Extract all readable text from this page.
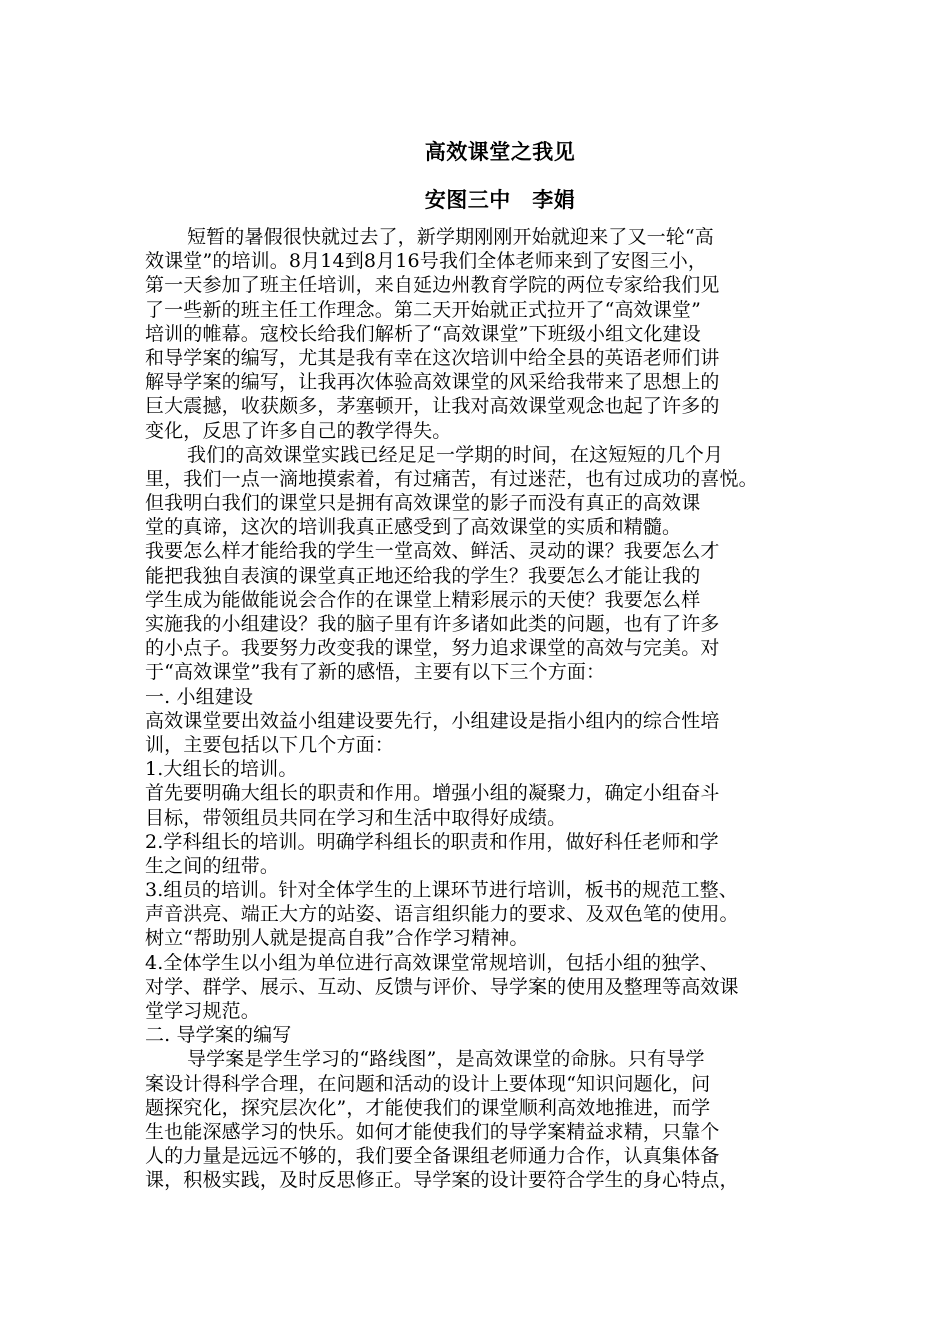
高效课堂之我见
安图三中　李娟
短暂的暑假很快就过去了，新学期刚刚开始就迎来了又一轮“高
效课堂”的培训。8月14到8月16号我们全体老师来到了安图三小，
第一天参加了班主任培训，来自延边州教育学院的两位专家给我们见
了一些新的班主任工作理念。第二天开始就正式拉开了“高效课堂”
培训的帷幕。寇校长给我们解析了“高效课堂”下班级小组文化建设
和导学案的编写，尤其是我有幸在这次培训中给全县的英语老师们讲
解导学案的编写，让我再次体验高效课堂的风采给我带来了思想上的
巨大震撼，收获颇多，茅塞顿开，让我对高效课堂观念也起了许多的
变化，反思了许多自己的教学得失。
我们的高效课堂实践已经足足一学期的时间，在这短短的几个月
里，我们一点一滴地摸索着，有过痛苦，有过迷茫，也有过成功的喜悦。
但我明白我们的课堂只是拥有高效课堂的影子而没有真正的高效课
堂的真谛，这次的培训我真正感受到了高效课堂的实质和精髓。
我要怎么样才能给我的学生一堂高效、鲜活、灵动的课？我要怎么才
能把我独自表演的课堂真正地还给我的学生？我要怎么才能让我的
学生成为能做能说会合作的在课堂上精彩展示的天使？我要怎么样
实施我的小组建设？我的脑子里有许多诸如此类的问题，也有了许多
的小点子。我要努力改变我的课堂，努力追求课堂的高效与完美。对
于“高效课堂”我有了新的感悟，主要有以下三个方面：
一. 小组建设
高效课堂要出效益小组建设要先行，小组建设是指小组内的综合性培
训，主要包括以下几个方面：
1.大组长的培训。
首先要明确大组长的职责和作用。增强小组的凝聚力，确定小组奋斗
目标，带领组员共同在学习和生活中取得好成绩。
2.学科组长的培训。明确学科组长的职责和作用，做好科任老师和学
生之间的纽带。
3.组员的培训。针对全体学生的上课环节进行培训，板书的规范工整、
声音洪亮、端正大方的站姿、语言组织能力的要求、及双色笔的使用。
树立“帮助别人就是提高自我”合作学习精神。
4.全体学生以小组为单位进行高效课堂常规培训，包括小组的独学、
对学、群学、展示、互动、反馈与评价、导学案的使用及整理等高效课
堂学习规范。
二. 导学案的编写
导学案是学生学习的“路线图”，是高效课堂的命脉。只有导学
案设计得科学合理，在问题和活动的设计上要体现“知识问题化，问
题探究化，探究层次化”，才能使我们的课堂顺利高效地推进，而学
生也能深感学习的快乐。如何才能使我们的导学案精益求精，只靠个
人的力量是远远不够的，我们要全备课组老师通力合作，认真集体备
课，积极实践，及时反思修正。导学案的设计要符合学生的身心特点，
